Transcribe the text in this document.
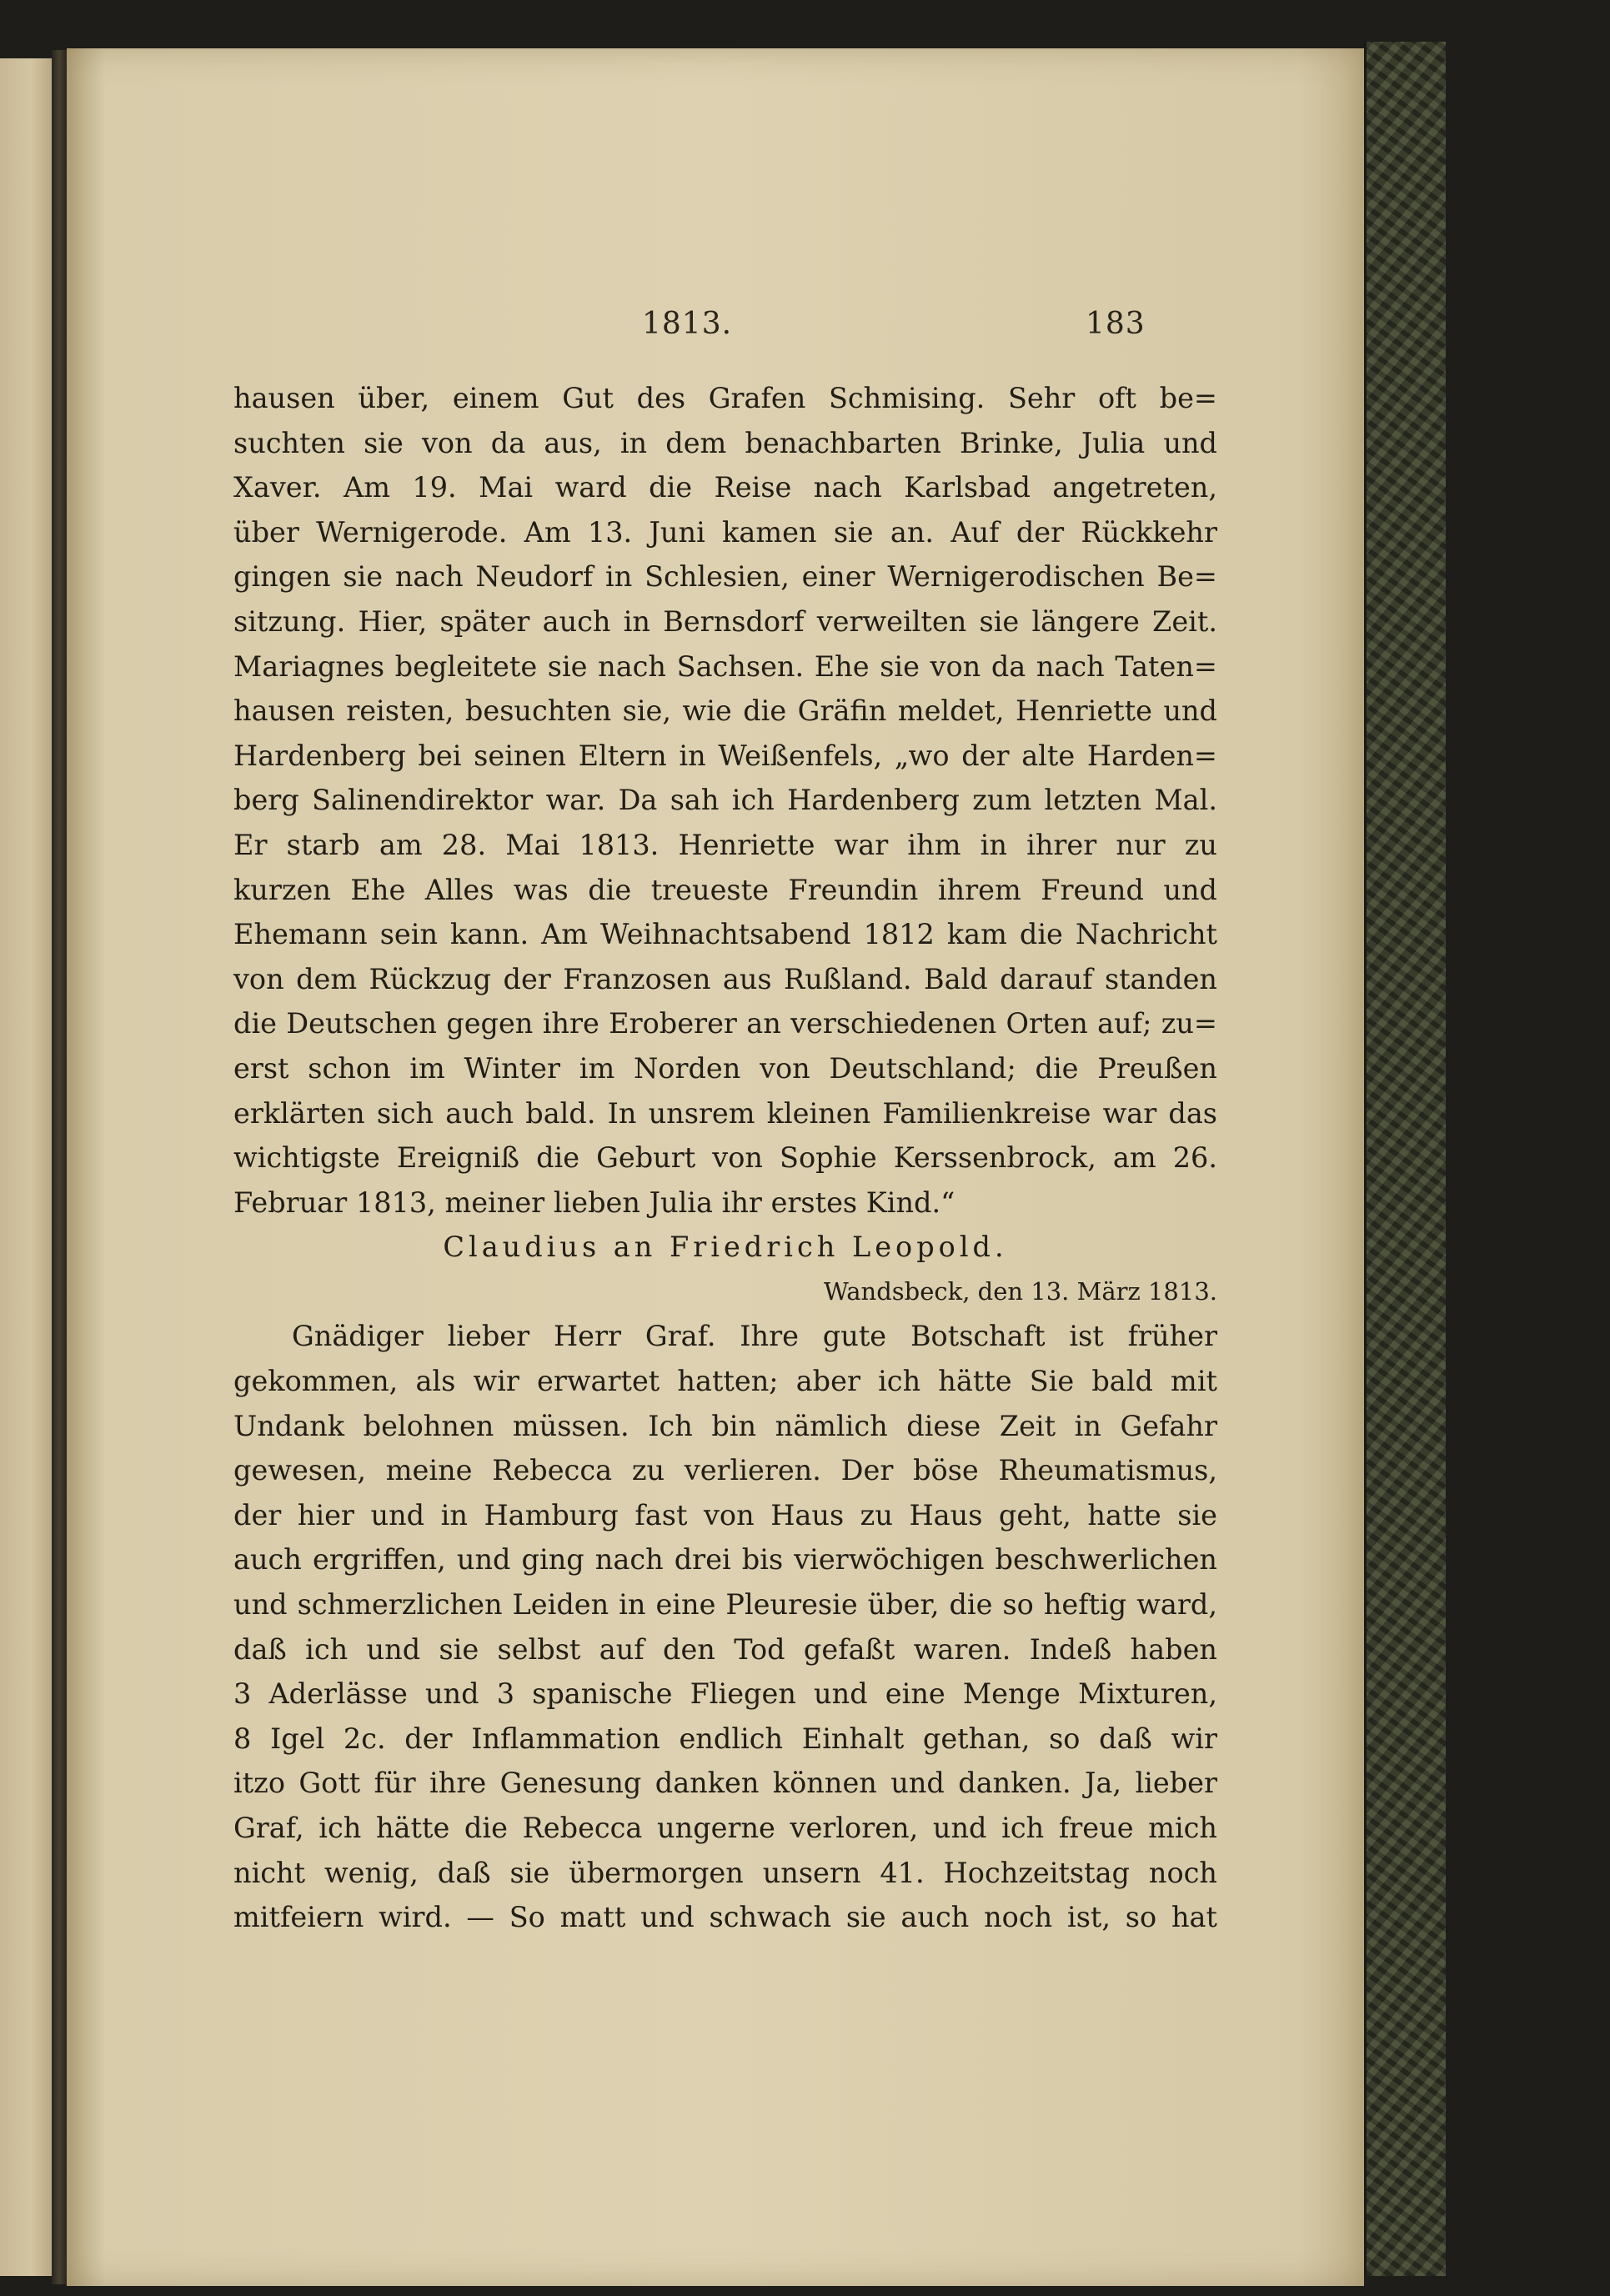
1813.	183
hausen über, einem Gut des Grafen Schmising. Sehr oft be=
suchten sie von da aus, in dem benachbarten Brinke, Julia und
Xaver. Am 19. Mai ward die Reise nach Karlsbad angetreten,
über Wernigerode. Am 13. Juni kamen sie an. Auf der Rückkehr
gingen sie nach Neudorf in Schlesien, einer Wernigerodischen Be=
sitzung. Hier, später auch in Bernsdorf verweilten sie längere Zeit.
Mariagnes begleitete sie nach Sachsen. Ehe sie von da nach Taten=
hausen reisten, besuchten sie, wie die Gräfin meldet, Henriette und
Hardenberg bei seinen Eltern in Weißenfels, „wo der alte Harden=
berg Salinendirektor war. Da sah ich Hardenberg zum letzten Mal.
Er starb am 28. Mai 1813. Henriette war ihm in ihrer nur zu
kurzen Ehe Alles was die treueste Freundin ihrem Freund und
Ehemann sein kann. Am Weihnachtsabend 1812 kam die Nachricht
von dem Rückzug der Franzosen aus Rußland. Bald darauf standen
die Deutschen gegen ihre Eroberer an verschiedenen Orten auf; zu=
erst schon im Winter im Norden von Deutschland; die Preußen
erklärten sich auch bald. In unsrem kleinen Familienkreise war das
wichtigste Ereigniß die Geburt von Sophie Kerssenbrock, am 26.
Februar 1813, meiner lieben Julia ihr erstes Kind.“
Claudius an Friedrich Leopold.
Wandsbeck, den 13. März 1813.
Gnädiger lieber Herr Graf. Ihre gute Botschaft ist früher
gekommen, als wir erwartet hatten; aber ich hätte Sie bald mit
Undank belohnen müssen. Ich bin nämlich diese Zeit in Gefahr
gewesen, meine Rebecca zu verlieren. Der böse Rheumatismus,
der hier und in Hamburg fast von Haus zu Haus geht, hatte sie
auch ergriffen, und ging nach drei bis vierwöchigen beschwerlichen
und schmerzlichen Leiden in eine Pleuresie über, die so heftig ward,
daß ich und sie selbst auf den Tod gefaßt waren. Indeß haben
3 Aderlässe und 3 spanische Fliegen und eine Menge Mixturen,
8 Igel 2c. der Inflammation endlich Einhalt gethan, so daß wir
itzo Gott für ihre Genesung danken können und danken. Ja, lieber
Graf, ich hätte die Rebecca ungerne verloren, und ich freue mich
nicht wenig, daß sie übermorgen unsern 41. Hochzeitstag noch
mitfeiern wird. — So matt und schwach sie auch noch ist, so hat
